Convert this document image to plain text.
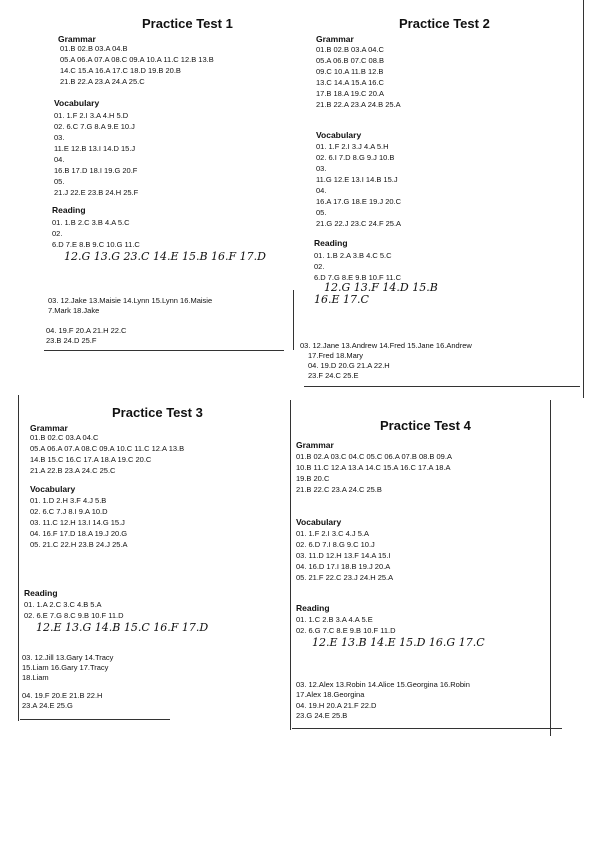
Practice Test 1
Grammar
01.B 02.B 03.A 04.B
05.A 06.A 07.A 08.C 09.A 10.A 11.C 12.B 13.B
14.C 15.A 16.A 17.C 18.D 19.B 20.B
21.B 22.A 23.A 24.A 25.C
Vocabulary
01. 1.F 2.I 3.A 4.H 5.D
02. 6.C 7.G 8.A 9.E 10.J
03.
11.E 12.B 13.I 14.D 15.J
04.
16.B 17.D 18.I 19.G 20.F
05.
21.J 22.E 23.B 24.H 25.F
Reading
01. 1.B 2.C 3.B 4.A 5.C
02.
6.D 7.E 8.B 9.C 10.G 11.C
12.G 13.G 23.C 14.E 15.B 16.F 17.D
03. 12.Jake 13.Maisie 14.Lynn 15.Lynn 16.Maisie
7.Mark 18.Jake
04. 19.F 20.A 21.H 22.C
23.B 24.D 25.F
Practice Test 2
Grammar
01.B 02.B 03.A 04.C
05.A 06.B 07.C 08.B
09.C 10.A 11.B 12.B
13.C 14.A 15.A 16.C
17.B 18.A 19.C 20.A
21.B 22.A 23.A 24.B 25.A
Vocabulary
01. 1.F 2.I 3.J 4.A 5.H
02. 6.I 7.D 8.G 9.J 10.B
03.
11.G 12.E 13.I 14.B 15.J
04.
16.A 17.G 18.E 19.J 20.C
05.
21.G 22.J 23.C 24.F 25.A
Reading
01. 1.B 2.A 3.B 4.C 5.C
02.
6.D 7.G 8.E 9.B 10.F 11.C
12.G 13.F 14.D 15.B
16.E 17.C
03. 12.Jane 13.Andrew 14.Fred 15.Jane 16.Andrew
17.Fred 18.Mary
04. 19.D 20.G 21.A 22.H
23.F 24.C 25.E
Practice Test 3
Grammar
01.B 02.C 03.A 04.C
05.A 06.A 07.A 08.C 09.A 10.C 11.C 12.A 13.B
14.B 15.C 16.C 17.A 18.A 19.C 20.C
21.A 22.B 23.A 24.C 25.C
Vocabulary
01. 1.D 2.H 3.F 4.J 5.B
02. 6.C 7.J 8.I 9.A 10.D
03. 11.C 12.H 13.I 14.G 15.J
04. 16.F 17.D 18.A 19.J 20.G
05. 21.C 22.H 23.B 24.J 25.A
Reading
01. 1.A 2.C 3.C 4.B 5.A
02. 6.E 7.G 8.C 9.B 10.F 11.D
12.E 13.G 14.B 15.C 16.F 17.D
03. 12.Jill 13.Gary 14.Tracy
15.Liam 16.Gary 17.Tracy
18.Liam
04. 19.F 20.E 21.B 22.H
23.A 24.E 25.G
Practice Test 4
Grammar
01.B 02.A 03.C 04.C 05.C 06.A 07.B 08.B 09.A
10.B 11.C 12.A 13.A 14.C 15.A 16.C 17.A 18.A
19.B 20.C
21.B 22.C 23.A 24.C 25.B
Vocabulary
01. 1.F 2.I 3.C 4.J 5.A
02. 6.D 7.I 8.G 9.C 10.J
03. 11.D 12.H 13.F 14.A 15.I
04. 16.D 17.I 18.B 19.J 20.A
05. 21.F 22.C 23.J 24.H 25.A
Reading
01. 1.C 2.B 3.A 4.A 5.E
02. 6.G 7.C 8.E 9.B 10.F 11.D
12.E 13.B 14.E 15.D 16.G 17.C
03. 12.Alex 13.Robin 14.Alice 15.Georgina 16.Robin
17.Alex 18.Georgina
04. 19.H 20.A 21.F 22.D
23.G 24.E 25.B
